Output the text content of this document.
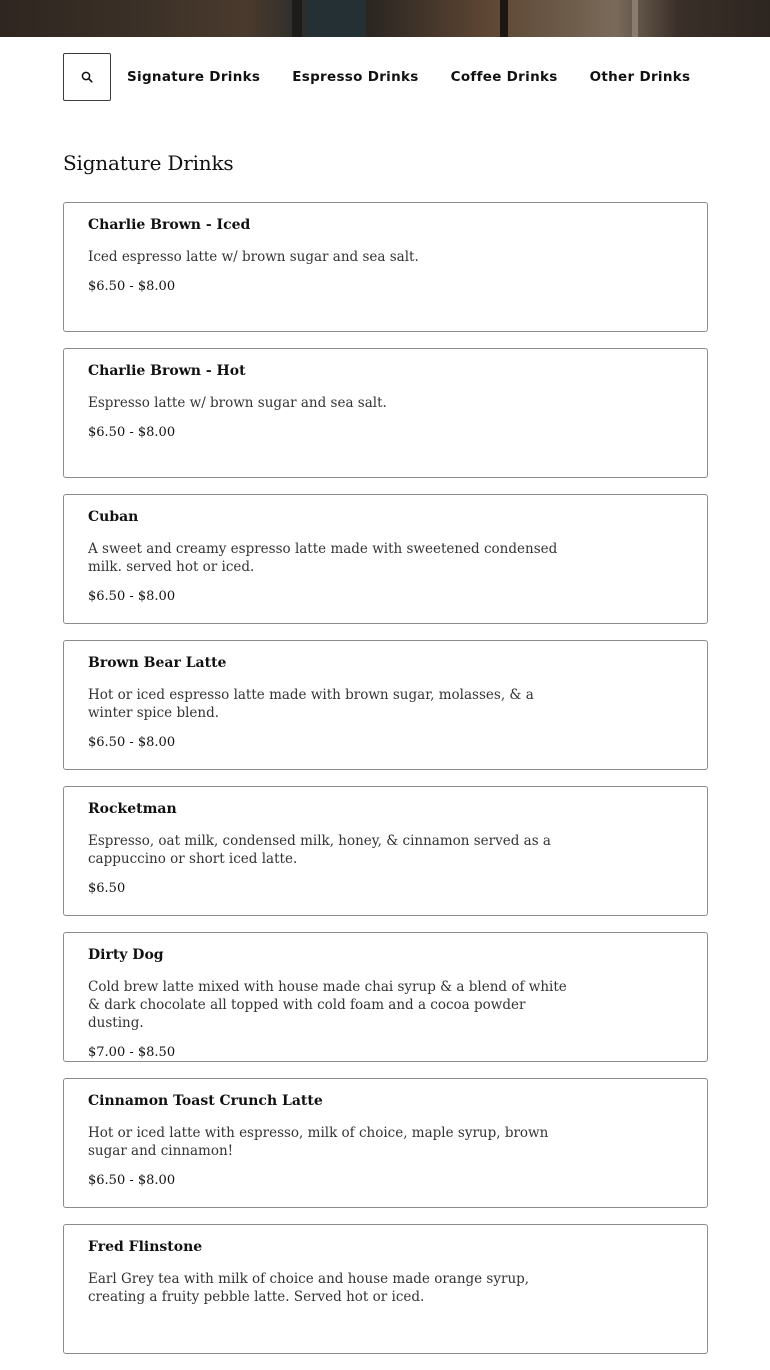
Signature Drinks Espresso Drinks Coffee Drinks Other Drinks
Signature Drinks
Charlie Brown - Iced
Iced espresso latte w/ brown sugar and sea salt.
$6.50 - $8.00
Charlie Brown - Hot
Espresso latte w/ brown sugar and sea salt.
$6.50 - $8.00
Cuban
A sweet and creamy espresso latte made with sweetened condensed milk. served hot or iced.
$6.50 - $8.00
Brown Bear Latte
Hot or iced espresso latte made with brown sugar, molasses, & a winter spice blend.
$6.50 - $8.00
Rocketman
Espresso, oat milk, condensed milk, honey, & cinnamon served as a cappuccino or short iced latte.
$6.50
Dirty Dog
Cold brew latte mixed with house made chai syrup & a blend of white & dark chocolate all topped with cold foam and a cocoa powder dusting.
$7.00 - $8.50
Cinnamon Toast Crunch Latte
Hot or iced latte with espresso, milk of choice, maple syrup, brown sugar and cinnamon!
$6.50 - $8.00
Fred Flinstone
Earl Grey tea with milk of choice and house made orange syrup, creating a fruity pebble latte. Served hot or iced.
